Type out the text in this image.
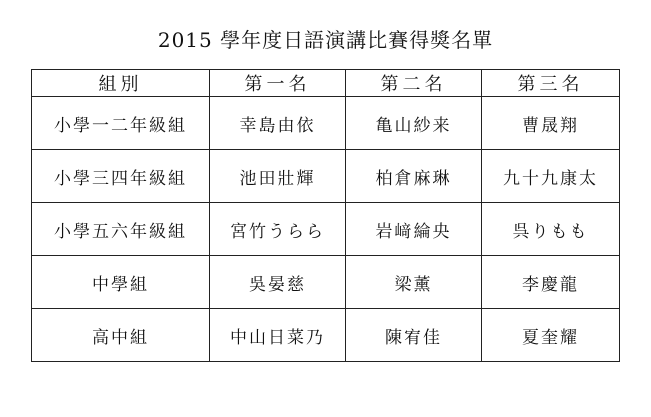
2015 學年度日語演講比賽得獎名單
組別	第一名	第二名	第三名
小學一二年級組	幸島由依	亀山紗来	曹晟翔
小學三四年級組	池田壯輝	柏倉麻琳	九十九康太
小學五六年級組	宮竹うらら	岩﨑綸央	呉りもも
中學組	吳晏慈	梁薰	李慶龍
高中組	中山日菜乃	陳宥佳	夏奎耀
